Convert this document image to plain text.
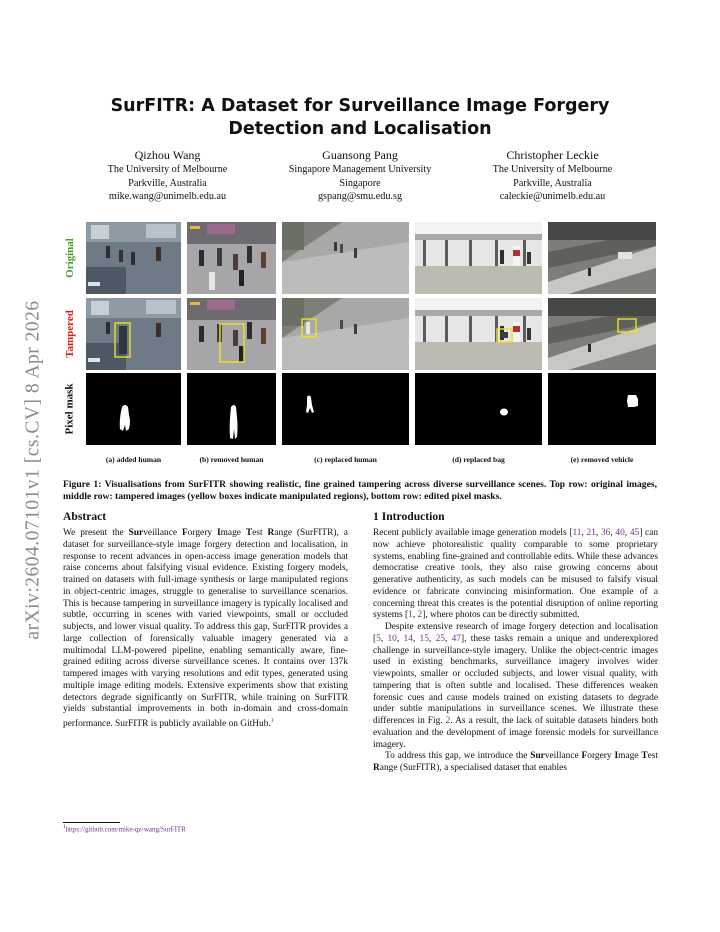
arXiv:2604.07101v1 [cs.CV] 8 Apr 2026
SurFITR: A Dataset for Surveillance Image Forgery
Detection and Localisation
Qizhou Wang
The University of Melbourne
Parkville, Australia
mike.wang@unimelb.edu.au
Guansong Pang
Singapore Management University
Singapore
gspang@smu.edu.sg
Christopher Leckie
The University of Melbourne
Parkville, Australia
caleckie@unimelb.edu.au
Original
Tampered
Pixel mask
(a) added human	(b) removed human	(c) replaced human	(d) replaced bag	(e) removed vehicle
Figure 1: Visualisations from SurFITR showing realistic, fine grained tampering across diverse surveillance scenes. Top row: original images, middle row: tampered images (yellow boxes indicate manipulated regions), bottom row: edited pixel masks.
Abstract

We present the Surveillance Forgery Image Test Range (SurFITR), a dataset for surveillance-style image forgery detection and localisation, in response to recent advances in open-access image generation models that raise concerns about falsifying visual evidence. Existing forgery models, trained on datasets with full-image synthesis or large manipulated regions in object-centric images, struggle to generalise to surveillance scenarios. This is because tampering in surveillance imagery is typically localised and subtle, occurring in scenes with varied viewpoints, small or occluded subjects, and lower visual quality. To address this gap, SurFITR provides a large collection of forensically valuable imagery generated via a multimodal LLM-powered pipeline, enabling semantically aware, fine-grained editing across diverse surveillance scenes. It contains over 137k tampered images with varying resolutions and edit types, generated using multiple image editing models. Extensive experiments show that existing detectors degrade significantly on SurFITR, while training on SurFITR yields substantial improvements in both in-domain and cross-domain performance. SurFITR is publicly available on GitHub.$^1$

1 Introduction

Recent publicly available image generation models [11, 21, 36, 40, 45] can now achieve photorealistic quality comparable to some proprietary systems, enabling fine-grained and controllable edits. While these advances democratise creative tools, they also raise growing concerns about generative authenticity, as such models can be misused to falsify visual evidence or fabricate convincing misinformation. One example of a concerning threat this creates is the potential disruption of online reporting systems [1, 2], where photos can be directly submitted.

Despite extensive research of image forgery detection and localisation [5, 10, 14, 15, 25, 47], these tasks remain a unique and underexplored challenge in surveillance-style imagery. Unlike the object-centric images used in existing benchmarks, surveillance imagery involves wider viewpoints, smaller or occluded subjects, and lower visual quality, with tampering that is often subtle and localised. These differences weaken forensic cues and cause models trained on existing datasets to degrade under subtle manipulations in surveillance scenes. We illustrate these differences in Fig. 2. As a result, the lack of suitable datasets hinders both evaluation and the development of image forensic models for surveillance imagery.

To address this gap, we introduce the Surveillance Forgery Image Test Range (SurFITR), a specialised dataset that enables

$^1$https://github.com/mike-qz-wang/SurFITR
